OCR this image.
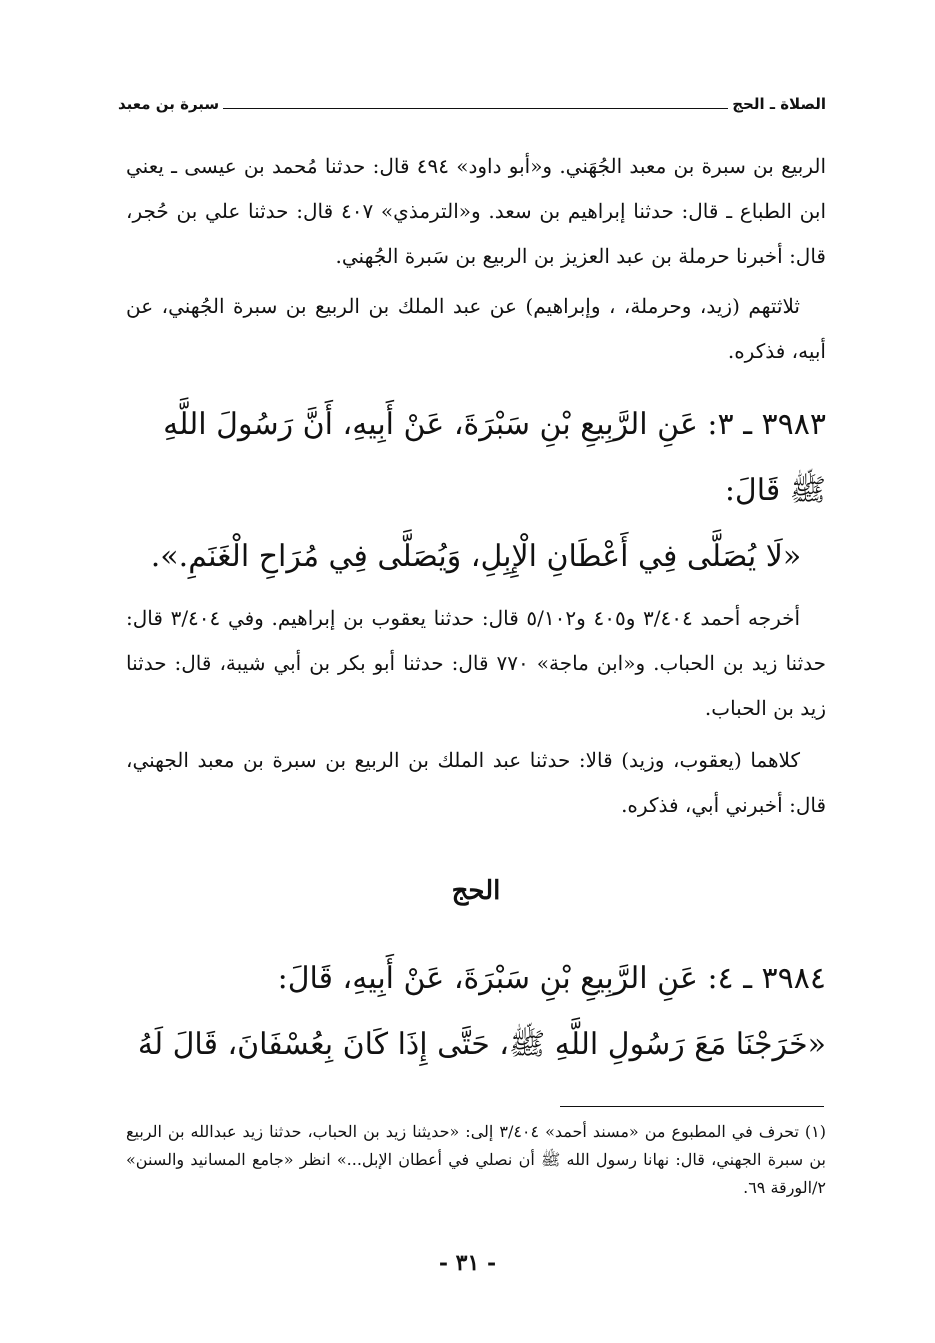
الصلاة ـ الحج
سبرة بن معبد

الربيع بن سبرة بن معبد الجُهَني. و«أبو داود» ٤٩٤ قال: حدثنا مُحمد بن عيسى ـ يعني ابن الطباع ـ قال: حدثنا إبراهيم بن سعد. و«الترمذي» ٤٠٧ قال: حدثنا علي بن حُجر، قال: أخبرنا حرملة بن عبد العزيز بن الربيع بن سَبرة الجُهني.

ثلاثتهم (زيد، وحرملة، ، وإبراهيم) عن عبد الملك بن الربيع بن سبرة الجُهني، عن أبيه، فذكره.

٣٩٨٣ ـ ٣: عَنِ الرَّبِيعِ بْنِ سَبْرَةَ، عَنْ أَبِيهِ، أَنَّ رَسُولَ اللَّهِ ﷺ قَالَ:
«لَا يُصَلَّى فِي أَعْطَانِ الْإِبِلِ، وَيُصَلَّى فِي مُرَاحِ الْغَنَمِ.».

أخرجه أحمد ٣/٤٠٤ و٤٠٥ و٥/١٠٢ قال: حدثنا يعقوب بن إبراهيم. وفي ٣/٤٠٤ قال: حدثنا زيد بن الحباب. و«ابن ماجة» ٧٧٠ قال: حدثنا أبو بكر بن أبي شيبة، قال: حدثنا زيد بن الحباب.

كلاهما (يعقوب، وزيد) قالا: حدثنا عبد الملك بن الربيع بن سبرة بن معبد الجهني، قال: أخبرني أبي، فذكره.

الحج
٣٩٨٤ ـ ٤: عَنِ الرَّبِيعِ بْنِ سَبْرَةَ، عَنْ أَبِيهِ، قَالَ:
«خَرَجْنَا مَعَ رَسُولِ اللَّهِ ﷺ، حَتَّى إِذَا كَانَ بِعُسْفَانَ، قَالَ لَهُ
(١) تحرف في المطبوع من «مسند أحمد» ٣/٤٠٤ إلى: «حديثنا زيد بن الحباب، حدثنا زيد عبدالله بن الربيع بن سبرة الجهني، قال: نهانا رسول الله ﷺ أن نصلي في أعطان الإبل...» انظر «جامع المسانيد والسنن» ٢/الورقة ٦٩.
- ٣١ -
